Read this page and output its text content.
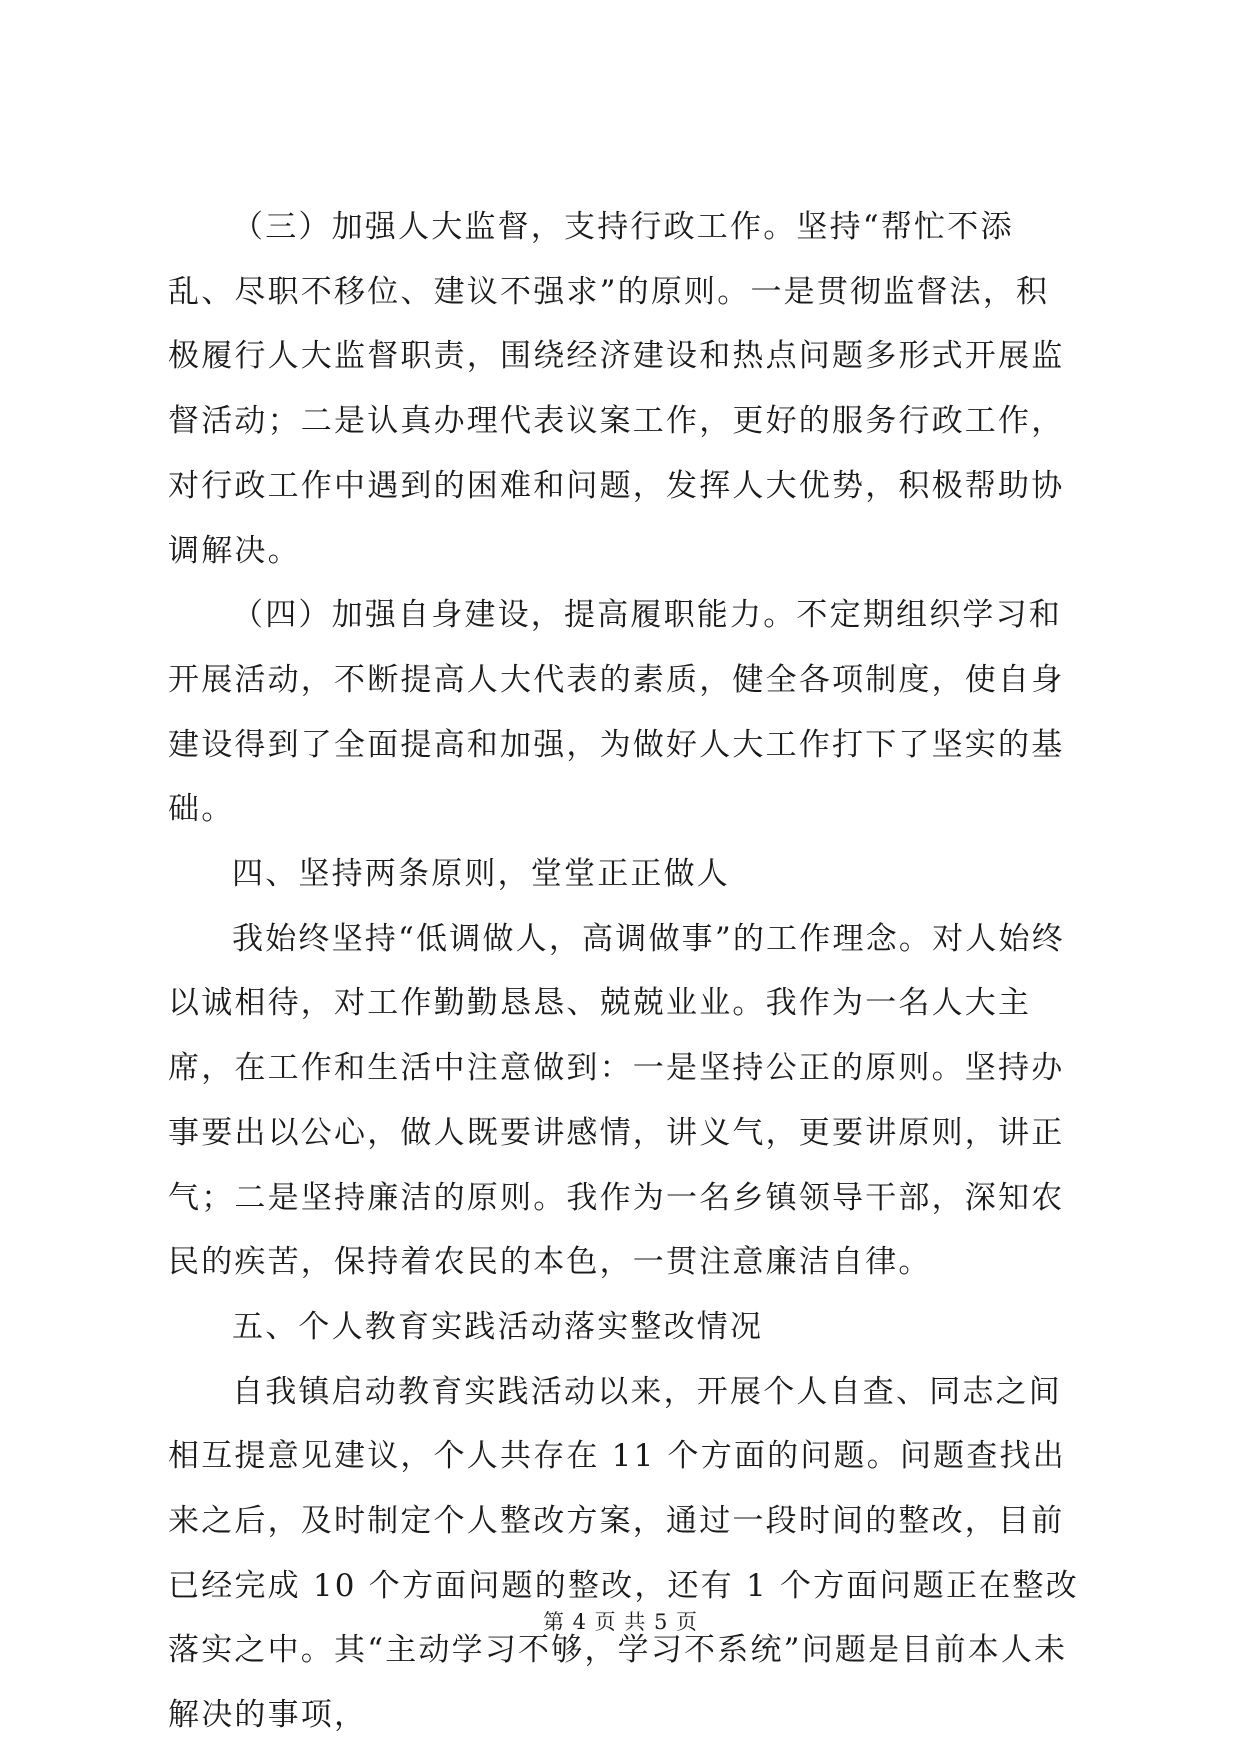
（三）加强人大监督，支持行政工作。坚持“帮忙不添乱、尽职不移位、建议不强求”的原则。一是贯彻监督法，积极履行人大监督职责，围绕经济建设和热点问题多形式开展监督活动；二是认真办理代表议案工作，更好的服务行政工作，对行政工作中遇到的困难和问题，发挥人大优势，积极帮助协调解决。

（四）加强自身建设，提高履职能力。不定期组织学习和开展活动，不断提高人大代表的素质，健全各项制度，使自身建设得到了全面提高和加强，为做好人大工作打下了坚实的基础。

四、坚持两条原则，堂堂正正做人

我始终坚持“低调做人，高调做事”的工作理念。对人始终以诚相待，对工作勤勤恳恳、兢兢业业。我作为一名人大主席，在工作和生活中注意做到：一是坚持公正的原则。坚持办事要出以公心，做人既要讲感情，讲义气，更要讲原则，讲正气；二是坚持廉洁的原则。我作为一名乡镇领导干部，深知农民的疾苦，保持着农民的本色，一贯注意廉洁自律。

五、个人教育实践活动落实整改情况

自我镇启动教育实践活动以来，开展个人自查、同志之间相互提意见建议，个人共存在 11 个方面的问题。问题查找出来之后，及时制定个人整改方案，通过一段时间的整改，目前已经完成 10 个方面问题的整改，还有 1 个方面问题正在整改落实之中。其“主动学习不够，学习不系统”问题是目前本人未解决的事项，

第 4 页 共 5 页
